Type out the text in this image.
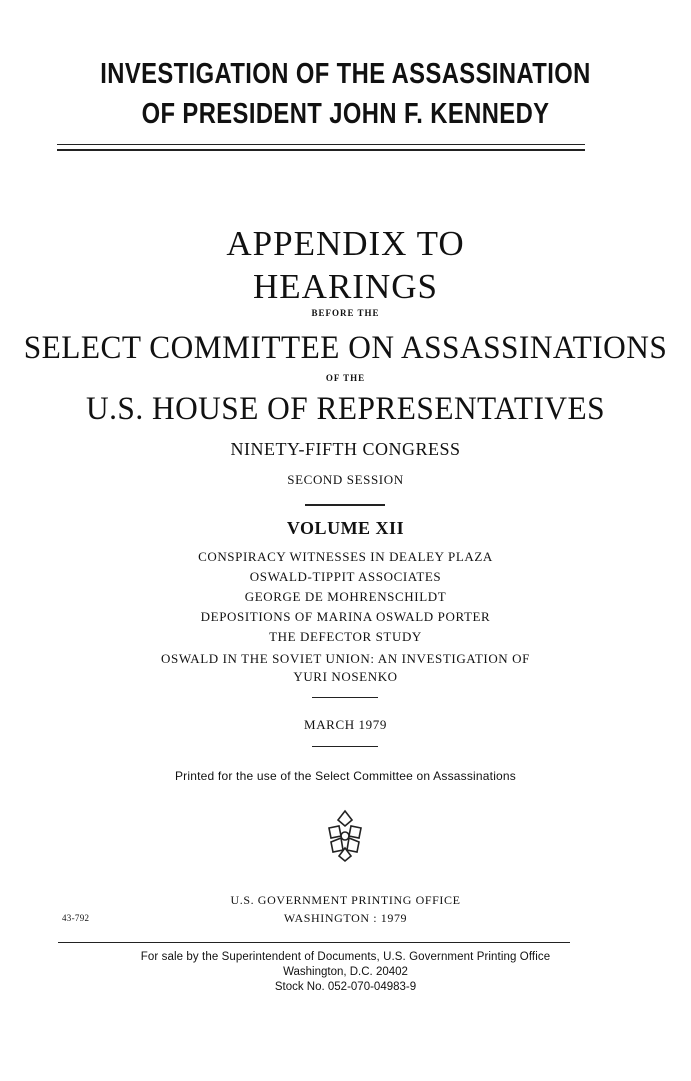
INVESTIGATION OF THE ASSASSINATION
OF PRESIDENT JOHN F. KENNEDY
APPENDIX TO
HEARINGS
BEFORE THE
SELECT COMMITTEE ON ASSASSINATIONS
OF THE
U.S. HOUSE OF REPRESENTATIVES
NINETY-FIFTH CONGRESS
SECOND SESSION
VOLUME XII
CONSPIRACY WITNESSES IN DEALEY PLAZA
OSWALD-TIPPIT ASSOCIATES
GEORGE DE MOHRENSCHILDT
DEPOSITIONS OF MARINA OSWALD PORTER
THE DEFECTOR STUDY
OSWALD IN THE SOVIET UNION: AN INVESTIGATION OF
YURI NOSENKO
MARCH 1979
Printed for the use of the Select Committee on Assassinations
U.S. GOVERNMENT PRINTING OFFICE
43-792	WASHINGTON : 1979
For sale by the Superintendent of Documents, U.S. Government Printing Office
Washington, D.C. 20402
Stock No. 052-070-04983-9
